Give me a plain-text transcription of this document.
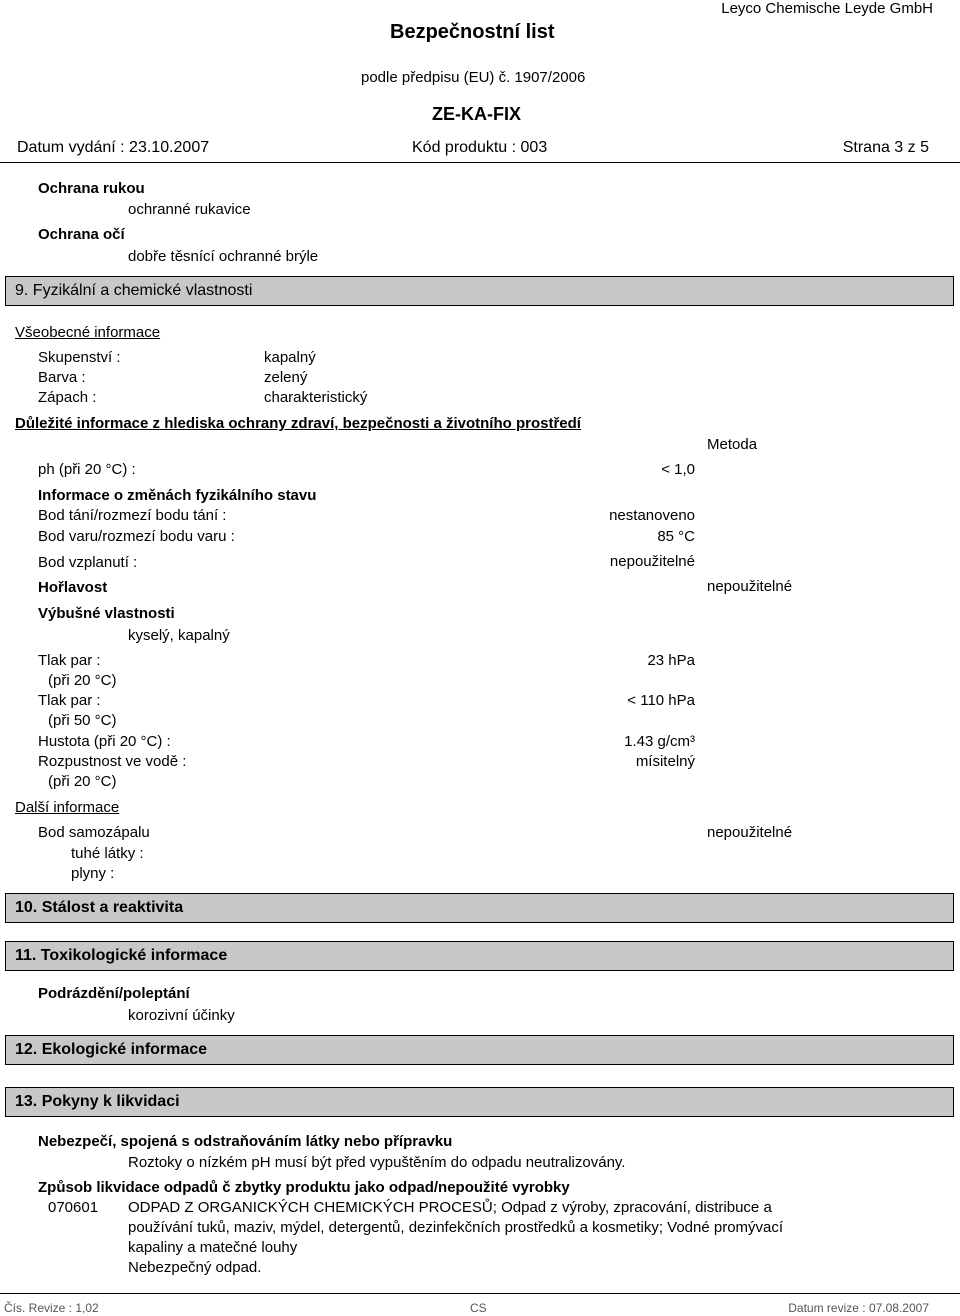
Bezpečnostní list
Leyco Chemische Leyde GmbH
podle předpisu (EU) č. 1907/2006
ZE-KA-FIX
Datum vydání : 23.10.2007	Kód produktu : 003	Strana 3 z 5
Ochrana rukou
ochranné rukavice
Ochrana očí
dobře těsnící ochranné brýle
9. Fyzikální a chemické vlastnosti
Všeobecné informace
Skupenství :	kapalný
Barva :	zelený
Zápach :	charakteristický
Důležité informace z hlediska ochrany zdraví, bezpečnosti a životního prostředí
Metoda
ph (při 20 °C) :	< 1,0
Informace o změnách fyzikálního stavu
Bod tání/rozmezí bodu tání :	nestanoveno
Bod varu/rozmezí bodu varu :	85 °C
Bod vzplanutí :	nepoužitelné
Hořlavost	nepoužitelné
Výbušné vlastnosti
kyselý, kapalný
Tlak par :	23 hPa
(při 20 °C)
Tlak par :	< 110 hPa
(při 50 °C)
Hustota (při 20 °C) :	1.43 g/cm³
Rozpustnost ve vodě :	mísitelný
(při 20 °C)
Další informace
Bod samozápalu	nepoužitelné
tuhé látky :
plyny :
10. Stálost a reaktivita
11. Toxikologické informace
Podrázdění/poleptání
korozivní účinky
12. Ekologické informace
13. Pokyny k likvidaci
Nebezpečí, spojená s odstraňováním látky nebo přípravku
Roztoky o nízkém pH musí být před vypuštěním do odpadu neutralizovány.
Způsob likvidace odpadů č zbytky produktu jako odpad/nepoužité vyrobky
070601 ODPAD Z ORGANICKÝCH CHEMICKÝCH PROCESŮ; Odpad z výroby, zpracování, distribuce a
používání tuků, maziv, mýdel, detergentů, dezinfekčních prostředků a kosmetiky; Vodné promývací
kapaliny a matečné louhy
Nebezpečný odpad.
Čís. Revize : 1,02	CS	Datum revize : 07.08.2007
